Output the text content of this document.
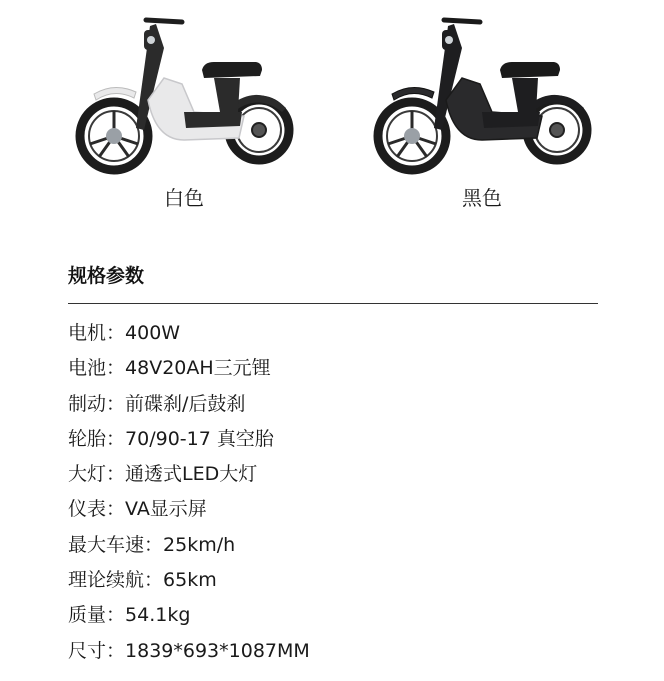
白色	黑色
规格参数
电机：400W
电池：48V20AH三元锂
制动：前碟刹/后鼓刹
轮胎：70/90-17 真空胎
大灯：通透式LED大灯
仪表：VA显示屏
最大车速：25km/h
理论续航：65km
质量：54.1kg
尺寸：1839*693*1087MM
